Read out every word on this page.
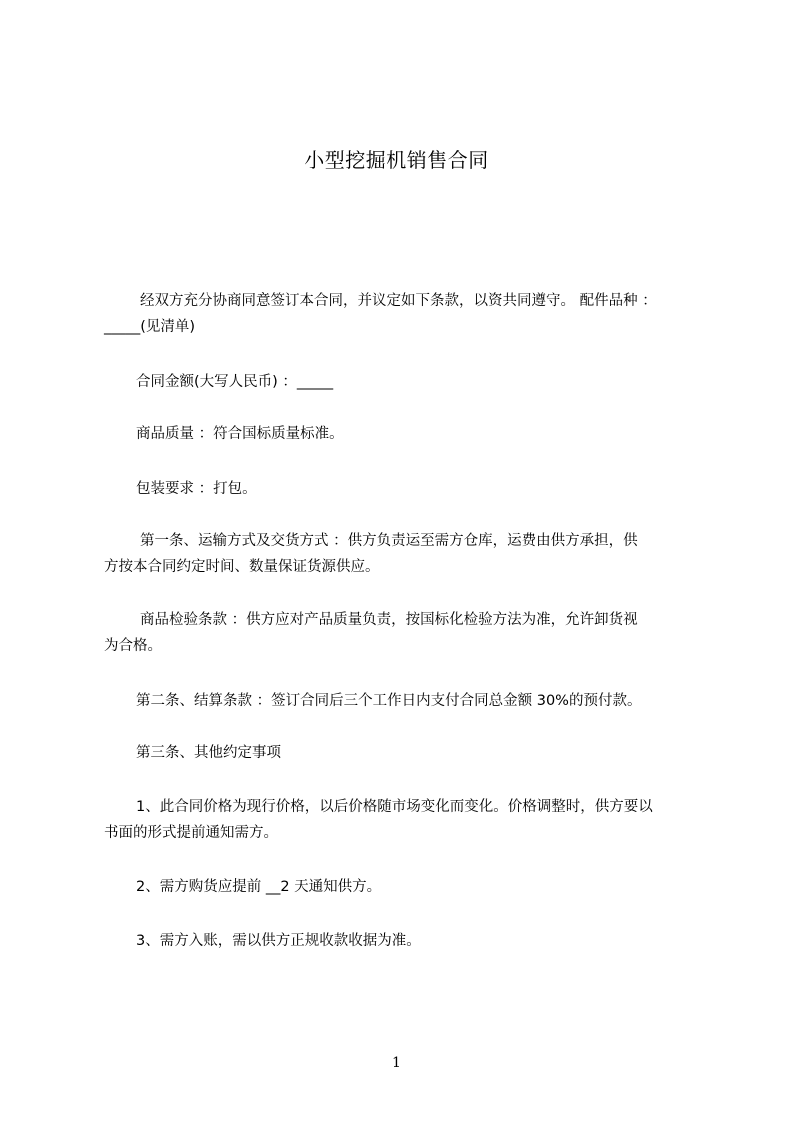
小型挖掘机销售合同
经双方充分协商同意签订本合同，并议定如下条款，以资共同遵守。 配件品种 ：
_____(见清单)
合同金额(大写人民币) ：_____
商品质量 ：符合国标质量标准。
包装要求 ：打包。
第一条、运输方式及交货方式 ：供方负责运至需方仓库，运费由供方承担，供
方按本合同约定时间、数量保证货源供应。
商品检验条款 ：供方应对产品质量负责，按国标化检验方法为准，允许卸货视
为合格。
第二条、结算条款 ：签订合同后三个工作日内支付合同总金额 30%的预付款。
第三条、其他约定事项
1、此合同价格为现行价格，以后价格随市场变化而变化。价格调整时，供方要以
书面的形式提前通知需方。
2、需方购货应提前 __2 天通知供方。
3、需方入账，需以供方正规收款收据为准。
1
